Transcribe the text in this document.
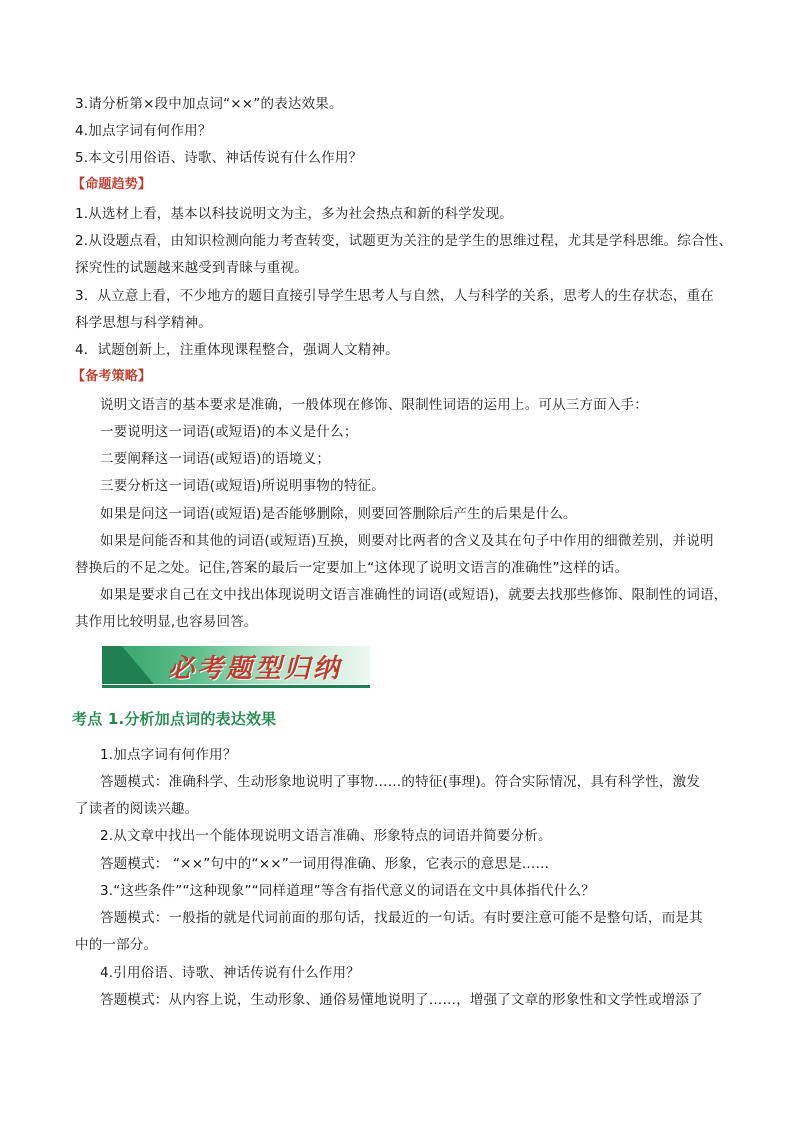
3.请分析第×段中加点词“××”的表达效果。
4.加点字词有何作用？
5.本文引用俗语、诗歌、神话传说有什么作用？
【命题趋势】
1.从选材上看，基本以科技说明文为主，多为社会热点和新的科学发现。
2.从设题点看，由知识检测向能力考查转变，试题更为关注的是学生的思维过程，尤其是学科思维。综合性、
探究性的试题越来越受到青睐与重视。
3．从立意上看，不少地方的题目直接引导学生思考人与自然，人与科学的关系，思考人的生存状态，重在
科学思想与科学精神。
4．试题创新上，注重体现课程整合，强调人文精神。
【备考策略】
说明文语言的基本要求是准确，一般体现在修饰、限制性词语的运用上。可从三方面入手：
一要说明这一词语(或短语)的本义是什么；
二要阐释这一词语(或短语)的语境义；
三要分析这一词语(或短语)所说明事物的特征。
如果是问这一词语(或短语)是否能够删除，则要回答删除后产生的后果是什么。
如果是问能否和其他的词语(或短语)互换，则要对比两者的含义及其在句子中作用的细微差别，并说明
替换后的不足之处。记住,答案的最后一定要加上“这体现了说明文语言的准确性”这样的话。
如果是要求自己在文中找出体现说明文语言准确性的词语(或短语)，就要去找那些修饰、限制性的词语，
其作用比较明显,也容易回答。
必考题型归纳
考点 1.分析加点词的表达效果
1.加点字词有何作用？
答题模式：准确科学、生动形象地说明了事物……的特征(事理)。符合实际情况，具有科学性，激发
了读者的阅读兴趣。
2.从文章中找出一个能体现说明文语言准确、形象特点的词语并简要分析。
答题模式： “××”句中的“××”一词用得准确、形象，它表示的意思是……
3.“这些条件”“这种现象”“同样道理”等含有指代意义的词语在文中具体指代什么？
答题模式：一般指的就是代词前面的那句话，找最近的一句话。有时要注意可能不是整句话，而是其
中的一部分。
4.引用俗语、诗歌、神话传说有什么作用？
答题模式：从内容上说，生动形象、通俗易懂地说明了……，增强了文章的形象性和文学性或增添了
